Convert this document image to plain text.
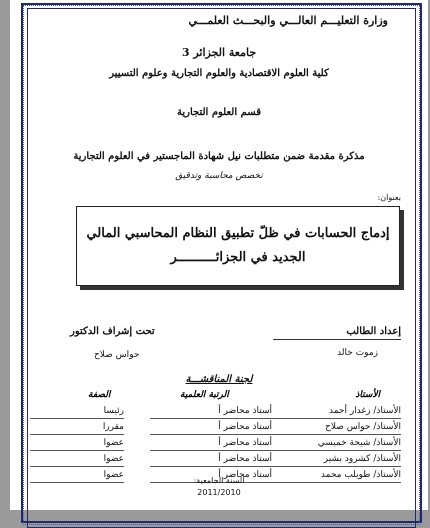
وزارة التعليـــم العالـــي والبحـــث العلمـــي
جامعة الجزائر 3
كلية العلوم الاقتصادية والعلوم التجارية وعلوم التسيير
قسم العلوم التجارية
مذكرة مقدمة ضمن متطلبات نيل شهادة الماجستير في العلوم التجارية
تخصص محاسبة وتدقيق
بعنوان:
إدماج الحسابات في ظلّ تطبيق النظام المحاسبي المالي
الجديد في الجزائــــــــــر
إعداد الطالب
زموت خالد
تحت إشراف الدكتور
حواس صلاح
لجنة المناقشـــة
الأستاذ
الرتبة العلمية
الصفة
الأستاذ/ زغدار أحمد
أستاذ محاضر أ
رئيسا
الأستاذ/ حواس صلاح
أستاذ محاضر أ
مقررا
الأستاذ/ شيحة خميسي
أستاذ محاضر أ
عضوا
الأستاذ/ كشرود بشير
أستاذ محاضر أ
عضوا
الأستاذ/ طويلب محمد
أستاذ محاضر أ
عضوا
السنة الجامعية:
2011/2010
